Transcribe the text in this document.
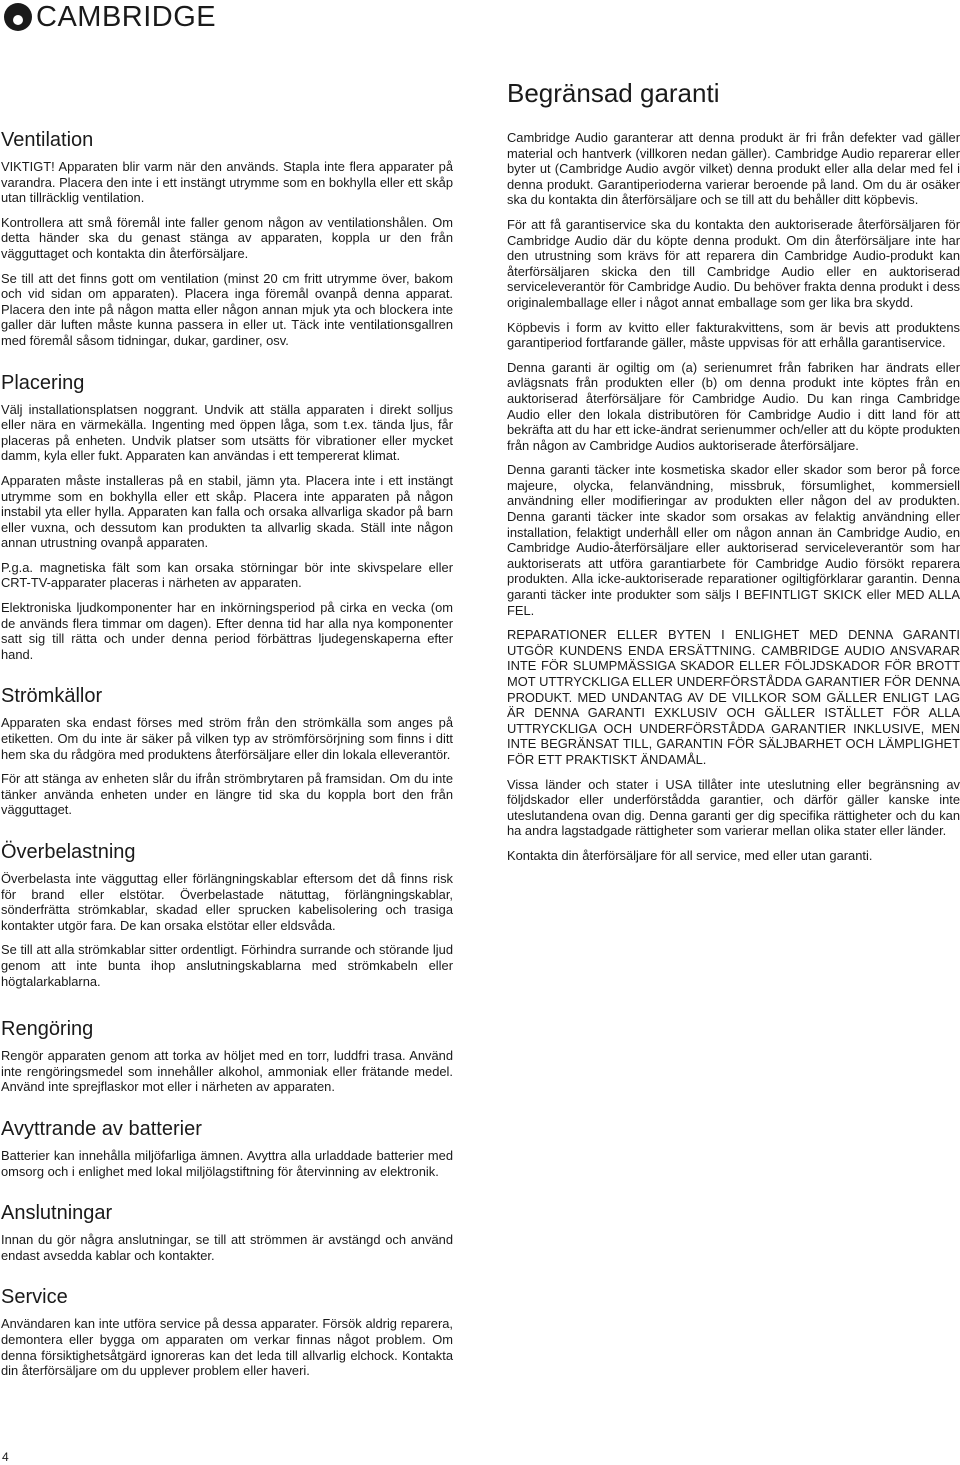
CAMBRIDGE
Ventilation

VIKTIGT! Apparaten blir varm när den används. Stapla inte flera apparater på varandra. Placera den inte i ett instängt utrymme som en bokhylla eller ett skåp utan tillräcklig ventilation.

Kontrollera att små föremål inte faller genom någon av ventilationshålen. Om detta händer ska du genast stänga av apparaten, koppla ur den från vägguttaget och kontakta din återförsäljare.

Se till att det finns gott om ventilation (minst 20 cm fritt utrymme över, bakom och vid sidan om apparaten). Placera inga föremål ovanpå denna apparat. Placera den inte på någon matta eller någon annan mjuk yta och blockera inte galler där luften måste kunna passera in eller ut. Täck inte ventilationsgallren med föremål såsom tidningar, dukar, gardiner, osv.

Placering

Välj installationsplatsen noggrant. Undvik att ställa apparaten i direkt solljus eller nära en värmekälla. Ingenting med öppen låga, som t.ex. tända ljus, får placeras på enheten. Undvik platser som utsätts för vibrationer eller mycket damm, kyla eller fukt. Apparaten kan användas i ett tempererat klimat.

Apparaten måste installeras på en stabil, jämn yta. Placera inte i ett instängt utrymme som en bokhylla eller ett skåp. Placera inte apparaten på någon instabil yta eller hylla. Apparaten kan falla och orsaka allvarliga skador på barn eller vuxna, och dessutom kan produkten ta allvarlig skada. Ställ inte någon annan utrustning ovanpå apparaten.

P.g.a. magnetiska fält som kan orsaka störningar bör inte skivspelare eller CRT-TV-apparater placeras i närheten av apparaten.

Elektroniska ljudkomponenter har en inkörningsperiod på cirka en vecka (om de används flera timmar om dagen). Efter denna tid har alla nya komponenter satt sig till rätta och under denna period förbättras ljudegenskaperna efter hand.

Strömkällor

Apparaten ska endast förses med ström från den strömkälla som anges på etiketten. Om du inte är säker på vilken typ av strömförsörjning som finns i ditt hem ska du rådgöra med produktens återförsäljare eller din lokala elleverantör.

För att stänga av enheten slår du ifrån strömbrytaren på framsidan. Om du inte tänker använda enheten under en längre tid ska du koppla bort den från vägguttaget.

Överbelastning

Överbelasta inte vägguttag eller förlängningskablar eftersom det då finns risk för brand eller elstötar. Överbelastade nätuttag, förlängningskablar, sönderfrätta strömkablar, skadad eller sprucken kabelisolering och trasiga kontakter utgör fara. De kan orsaka elstötar eller eldsvåda.

Se till att alla strömkablar sitter ordentligt. Förhindra surrande och störande ljud genom att inte bunta ihop anslutningskablarna med strömkabeln eller högtalarkablarna.

Rengöring

Rengör apparaten genom att torka av höljet med en torr, luddfri trasa. Använd inte rengöringsmedel som innehåller alkohol, ammoniak eller frätande medel. Använd inte sprejflaskor mot eller i närheten av apparaten.

Avyttrande av batterier

Batterier kan innehålla miljöfarliga ämnen. Avyttra alla urladdade batterier med omsorg och i enlighet med lokal miljölagstiftning för återvinning av elektronik.

Anslutningar

Innan du gör några anslutningar, se till att strömmen är avstängd och använd endast avsedda kablar och kontakter.

Service

Användaren kan inte utföra service på dessa apparater. Försök aldrig reparera, demontera eller bygga om apparaten om verkar finnas något problem. Om denna försiktighetsåtgärd ignoreras kan det leda till allvarlig elchock. Kontakta din återförsäljare om du upplever problem eller haveri.

Begränsad garanti

Cambridge Audio garanterar att denna produkt är fri från defekter vad gäller material och hantverk (villkoren nedan gäller). Cambridge Audio reparerar eller byter ut (Cambridge Audio avgör vilket) denna produkt eller alla delar med fel i denna produkt. Garantiperioderna varierar beroende på land. Om du är osäker ska du kontakta din återförsäljare och se till att du behåller ditt köpbevis.

För att få garantiservice ska du kontakta den auktoriserade återförsäljaren för Cambridge Audio där du köpte denna produkt. Om din återförsäljare inte har den utrustning som krävs för att reparera din Cambridge Audio-produkt kan återförsäljaren skicka den till Cambridge Audio eller en auktoriserad serviceleverantör för Cambridge Audio. Du behöver frakta denna produkt i dess originalemballage eller i något annat emballage som ger lika bra skydd.

Köpbevis i form av kvitto eller fakturakvittens, som är bevis att produktens garantiperiod fortfarande gäller, måste uppvisas för att erhålla garantiservice.

Denna garanti är ogiltig om (a) serienumret från fabriken har ändrats eller avlägsnats från produkten eller (b) om denna produkt inte köptes från en auktoriserad återförsäljare för Cambridge Audio. Du kan ringa Cambridge Audio eller den lokala distributören för Cambridge Audio i ditt land för att bekräfta att du har ett icke-ändrat serienummer och/eller att du köpte produkten från någon av Cambridge Audios auktoriserade återförsäljare.

Denna garanti täcker inte kosmetiska skador eller skador som beror på force majeure, olycka, felanvändning, missbruk, försumlighet, kommersiell användning eller modifieringar av produkten eller någon del av produkten. Denna garanti täcker inte skador som orsakas av felaktig användning eller installation, felaktigt underhåll eller om någon annan än Cambridge Audio, en Cambridge Audio-återförsäljare eller auktoriserad serviceleverantör som har auktoriserats att utföra garantiarbete för Cambridge Audio försökt reparera produkten. Alla icke-auktoriserade reparationer ogiltigförklarar garantin. Denna garanti täcker inte produkter som säljs I BEFINTLIGT SKICK eller MED ALLA FEL.

REPARATIONER ELLER BYTEN I ENLIGHET MED DENNA GARANTI UTGÖR KUNDENS ENDA ERSÄTTNING. CAMBRIDGE AUDIO ANSVARAR INTE FÖR SLUMPMÄSSIGA SKADOR ELLER FÖLJDSKADOR FÖR BROTT MOT UTTRYCKLIGA ELLER UNDERFÖRSTÅDDA GARANTIER FÖR DENNA PRODUKT. MED UNDANTAG AV DE VILLKOR SOM GÄLLER ENLIGT LAG ÄR DENNA GARANTI EXKLUSIV OCH GÄLLER ISTÄLLET FÖR ALLA UTTRYCKLIGA OCH UNDERFÖRSTÅDDA GARANTIER INKLUSIVE, MEN INTE BEGRÄNSAT TILL, GARANTIN FÖR SÄLJBARHET OCH LÄMPLIGHET FÖR ETT PRAKTISKT ÄNDAMÅL.

Vissa länder och stater i USA tillåter inte uteslutning eller begränsning av följdskador eller underförstådda garantier, och därför gäller kanske inte uteslutandena ovan dig. Denna garanti ger dig specifika rättigheter och du kan ha andra lagstadgade rättigheter som varierar mellan olika stater eller länder.

Kontakta din återförsäljare för all service, med eller utan garanti.

4
